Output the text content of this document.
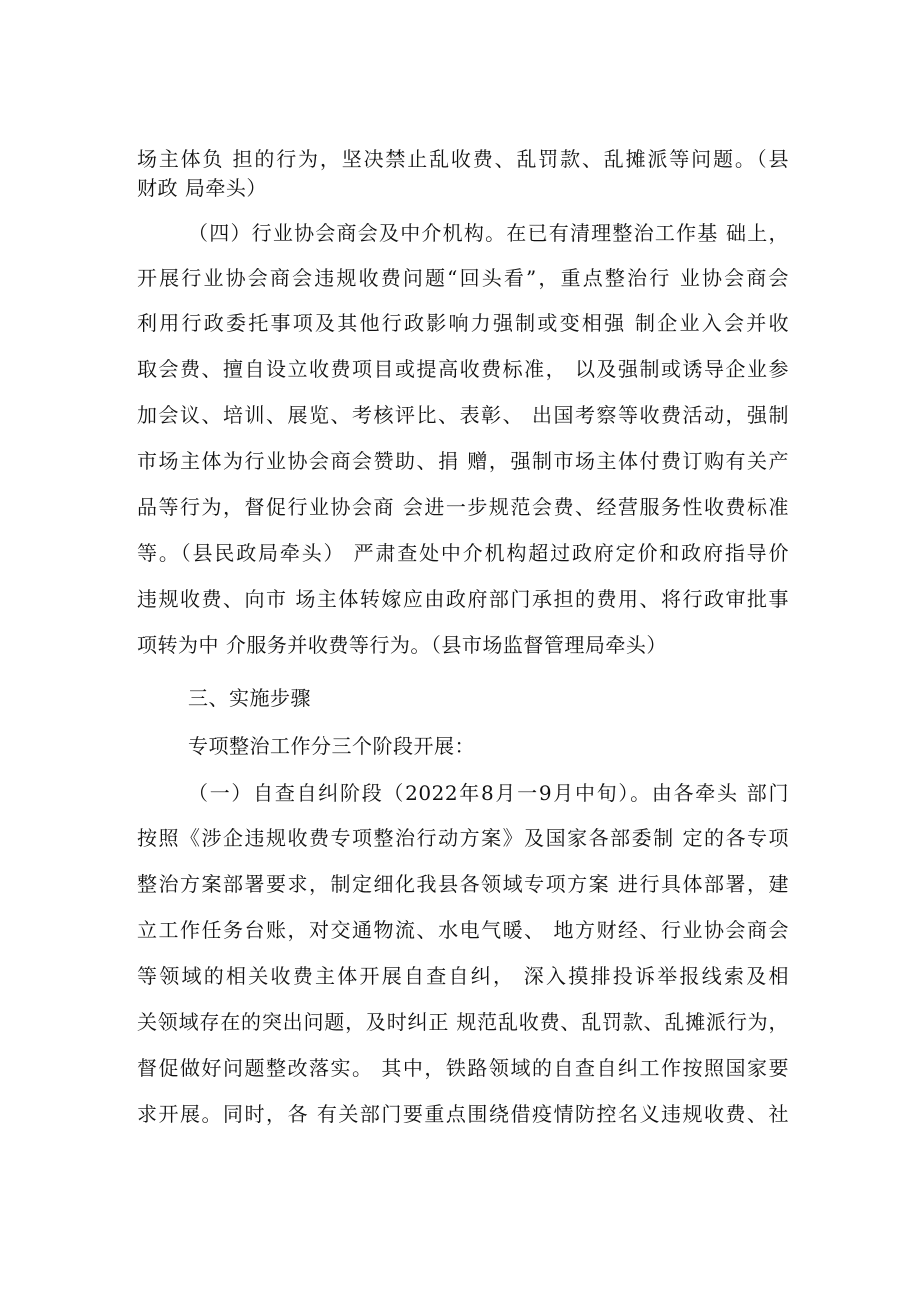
场主体负 担的行为，坚决禁止乱收费、乱罚款、乱摊派等问题。（县
财政 局牵头）
（四）行业协会商会及中介机构。在已有清理整治工作基 础上，
开展行业协会商会违规收费问题“回头看”，重点整治行 业协会商会
利用行政委托事项及其他行政影响力强制或变相强 制企业入会并收
取会费、擅自设立收费项目或提高收费标准， 以及强制或诱导企业参
加会议、培训、展览、考核评比、表彰、 出国考察等收费活动，强制
市场主体为行业协会商会赞助、捐 赠，强制市场主体付费订购有关产
品等行为，督促行业协会商 会进一步规范会费、经营服务性收费标准
等。（县民政局牵头） 严肃查处中介机构超过政府定价和政府指导价
违规收费、向市 场主体转嫁应由政府部门承担的费用、将行政审批事
项转为中 介服务并收费等行为。（县市场监督管理局牵头）
三、实施步骤
专项整治工作分三个阶段开展：
（一）自查自纠阶段（2022年8月一9月中旬）。由各牵头 部门
按照《涉企违规收费专项整治行动方案》及国家各部委制 定的各专项
整治方案部署要求，制定细化我县各领域专项方案 进行具体部署，建
立工作任务台账，对交通物流、水电气暖、 地方财经、行业协会商会
等领域的相关收费主体开展自查自纠， 深入摸排投诉举报线索及相
关领域存在的突出问题，及时纠正 规范乱收费、乱罚款、乱摊派行为，
督促做好问题整改落实。 其中，铁路领域的自查自纠工作按照国家要
求开展。同时，各 有关部门要重点围绕借疫情防控名义违规收费、社
